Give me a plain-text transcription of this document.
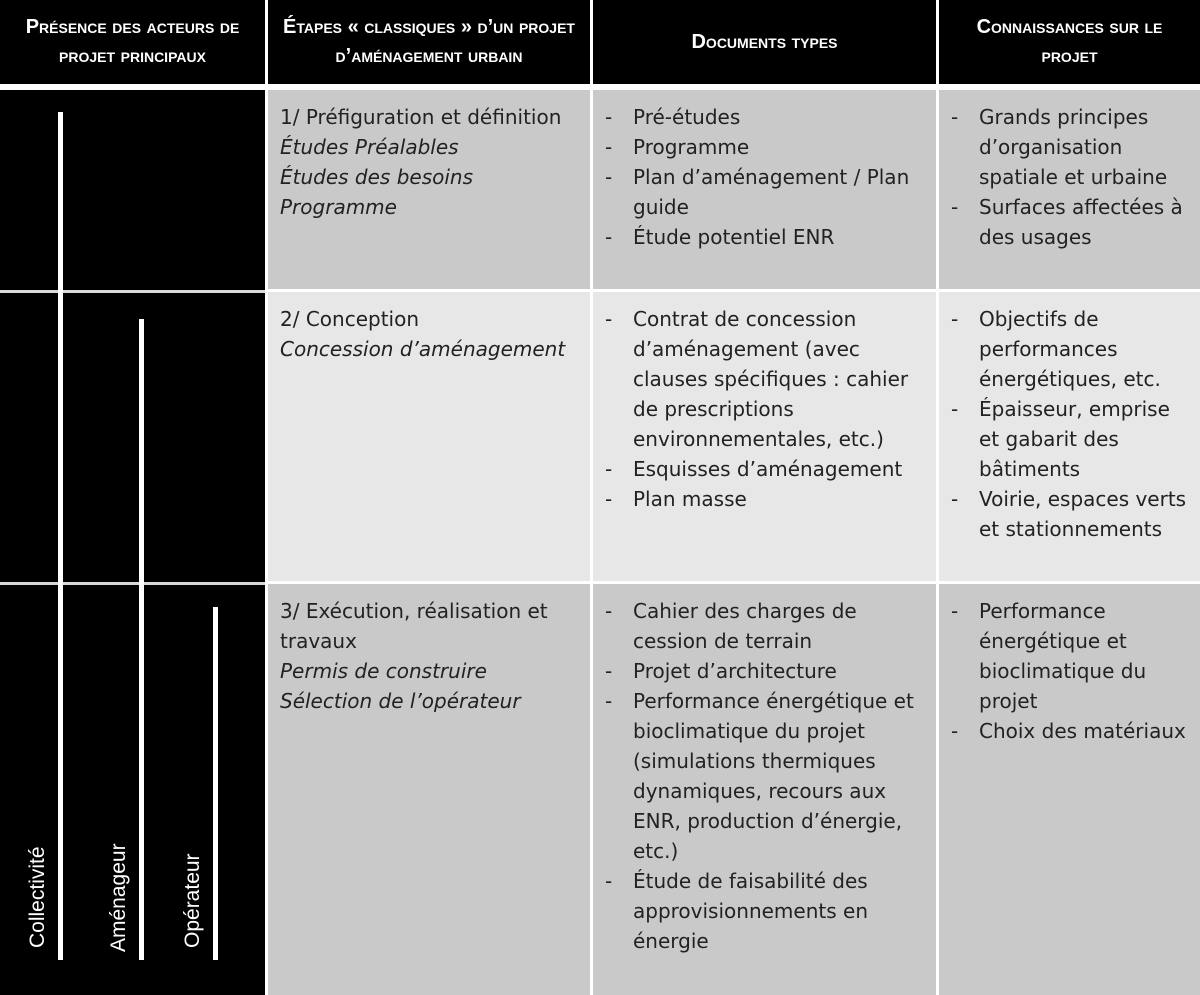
Présence des acteurs de projet principaux
Étapes « classiques » d’un projet d’aménagement urbain
Documents types
Connaissances sur le projet
Collectivité	Aménageur Opérateur

1/ Préfiguration et définition

Études Préalables

Études des besoins

Programme

- Pré-études
- Programme
- Plan d’aménagement / Plan guide
- Étude potentiel ENR
- Grands principes d’organisation spatiale et urbaine
- Surfaces affectées à des usages

2/ Conception

Concession d’aménagement

- Contrat de concession d’aménagement (avec clauses spécifiques : cahier de prescriptions environnementales, etc.)
- Esquisses d’aménagement
- Plan masse
- Objectifs de performances énergétiques, etc.
- Épaisseur, emprise et gabarit des bâtiments
- Voirie, espaces verts et stationnements

3/ Exécution, réalisation et travaux

Permis de construire

Sélection de l’opérateur

- Cahier des charges de cession de terrain
- Projet d’architecture
- Performance énergétique et bioclimatique du projet (simulations thermiques dynamiques, recours aux ENR, production d’énergie, etc.)
- Étude de faisabilité des approvisionnements en énergie
- Performance énergétique et bioclimatique du projet
- Choix des matériaux
